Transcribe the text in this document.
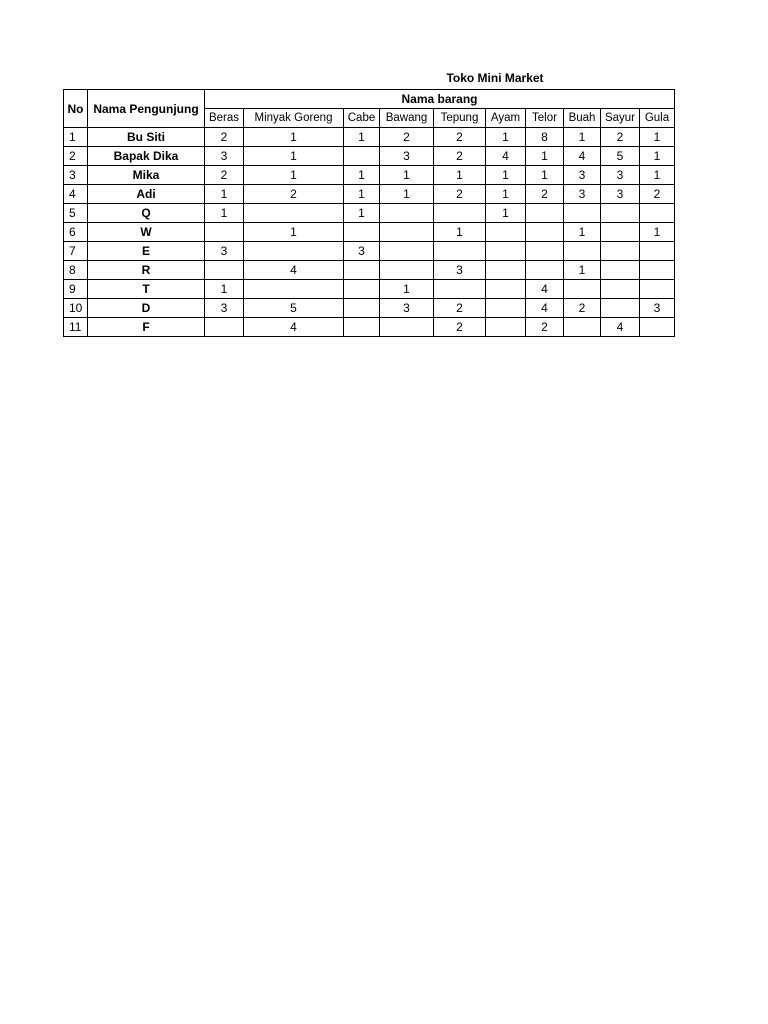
Toko Mini Market
No	Nama Pengunjung	Nama barang									
		Beras	Minyak Goreng	Cabe	Bawang	Tepung	Ayam	Telor	Buah	Sayur	Gula
1	Bu Siti	2	1	1	2	2	1	8	1	2	1
2	Bapak Dika	3	1		3	2	4	1	4	5	1
3	Mika	2	1	1	1	1	1	1	3	3	1
4	Adi	1	2	1	1	2	1	2	3	3	2
5	Q	1		1			1				
6	W		1			1			1		1
7	E	3		3							
8	R		4			3			1		
9	T	1			1			4			
10	D	3	5		3	2		4	2		3
11	F		4			2		2		4	
